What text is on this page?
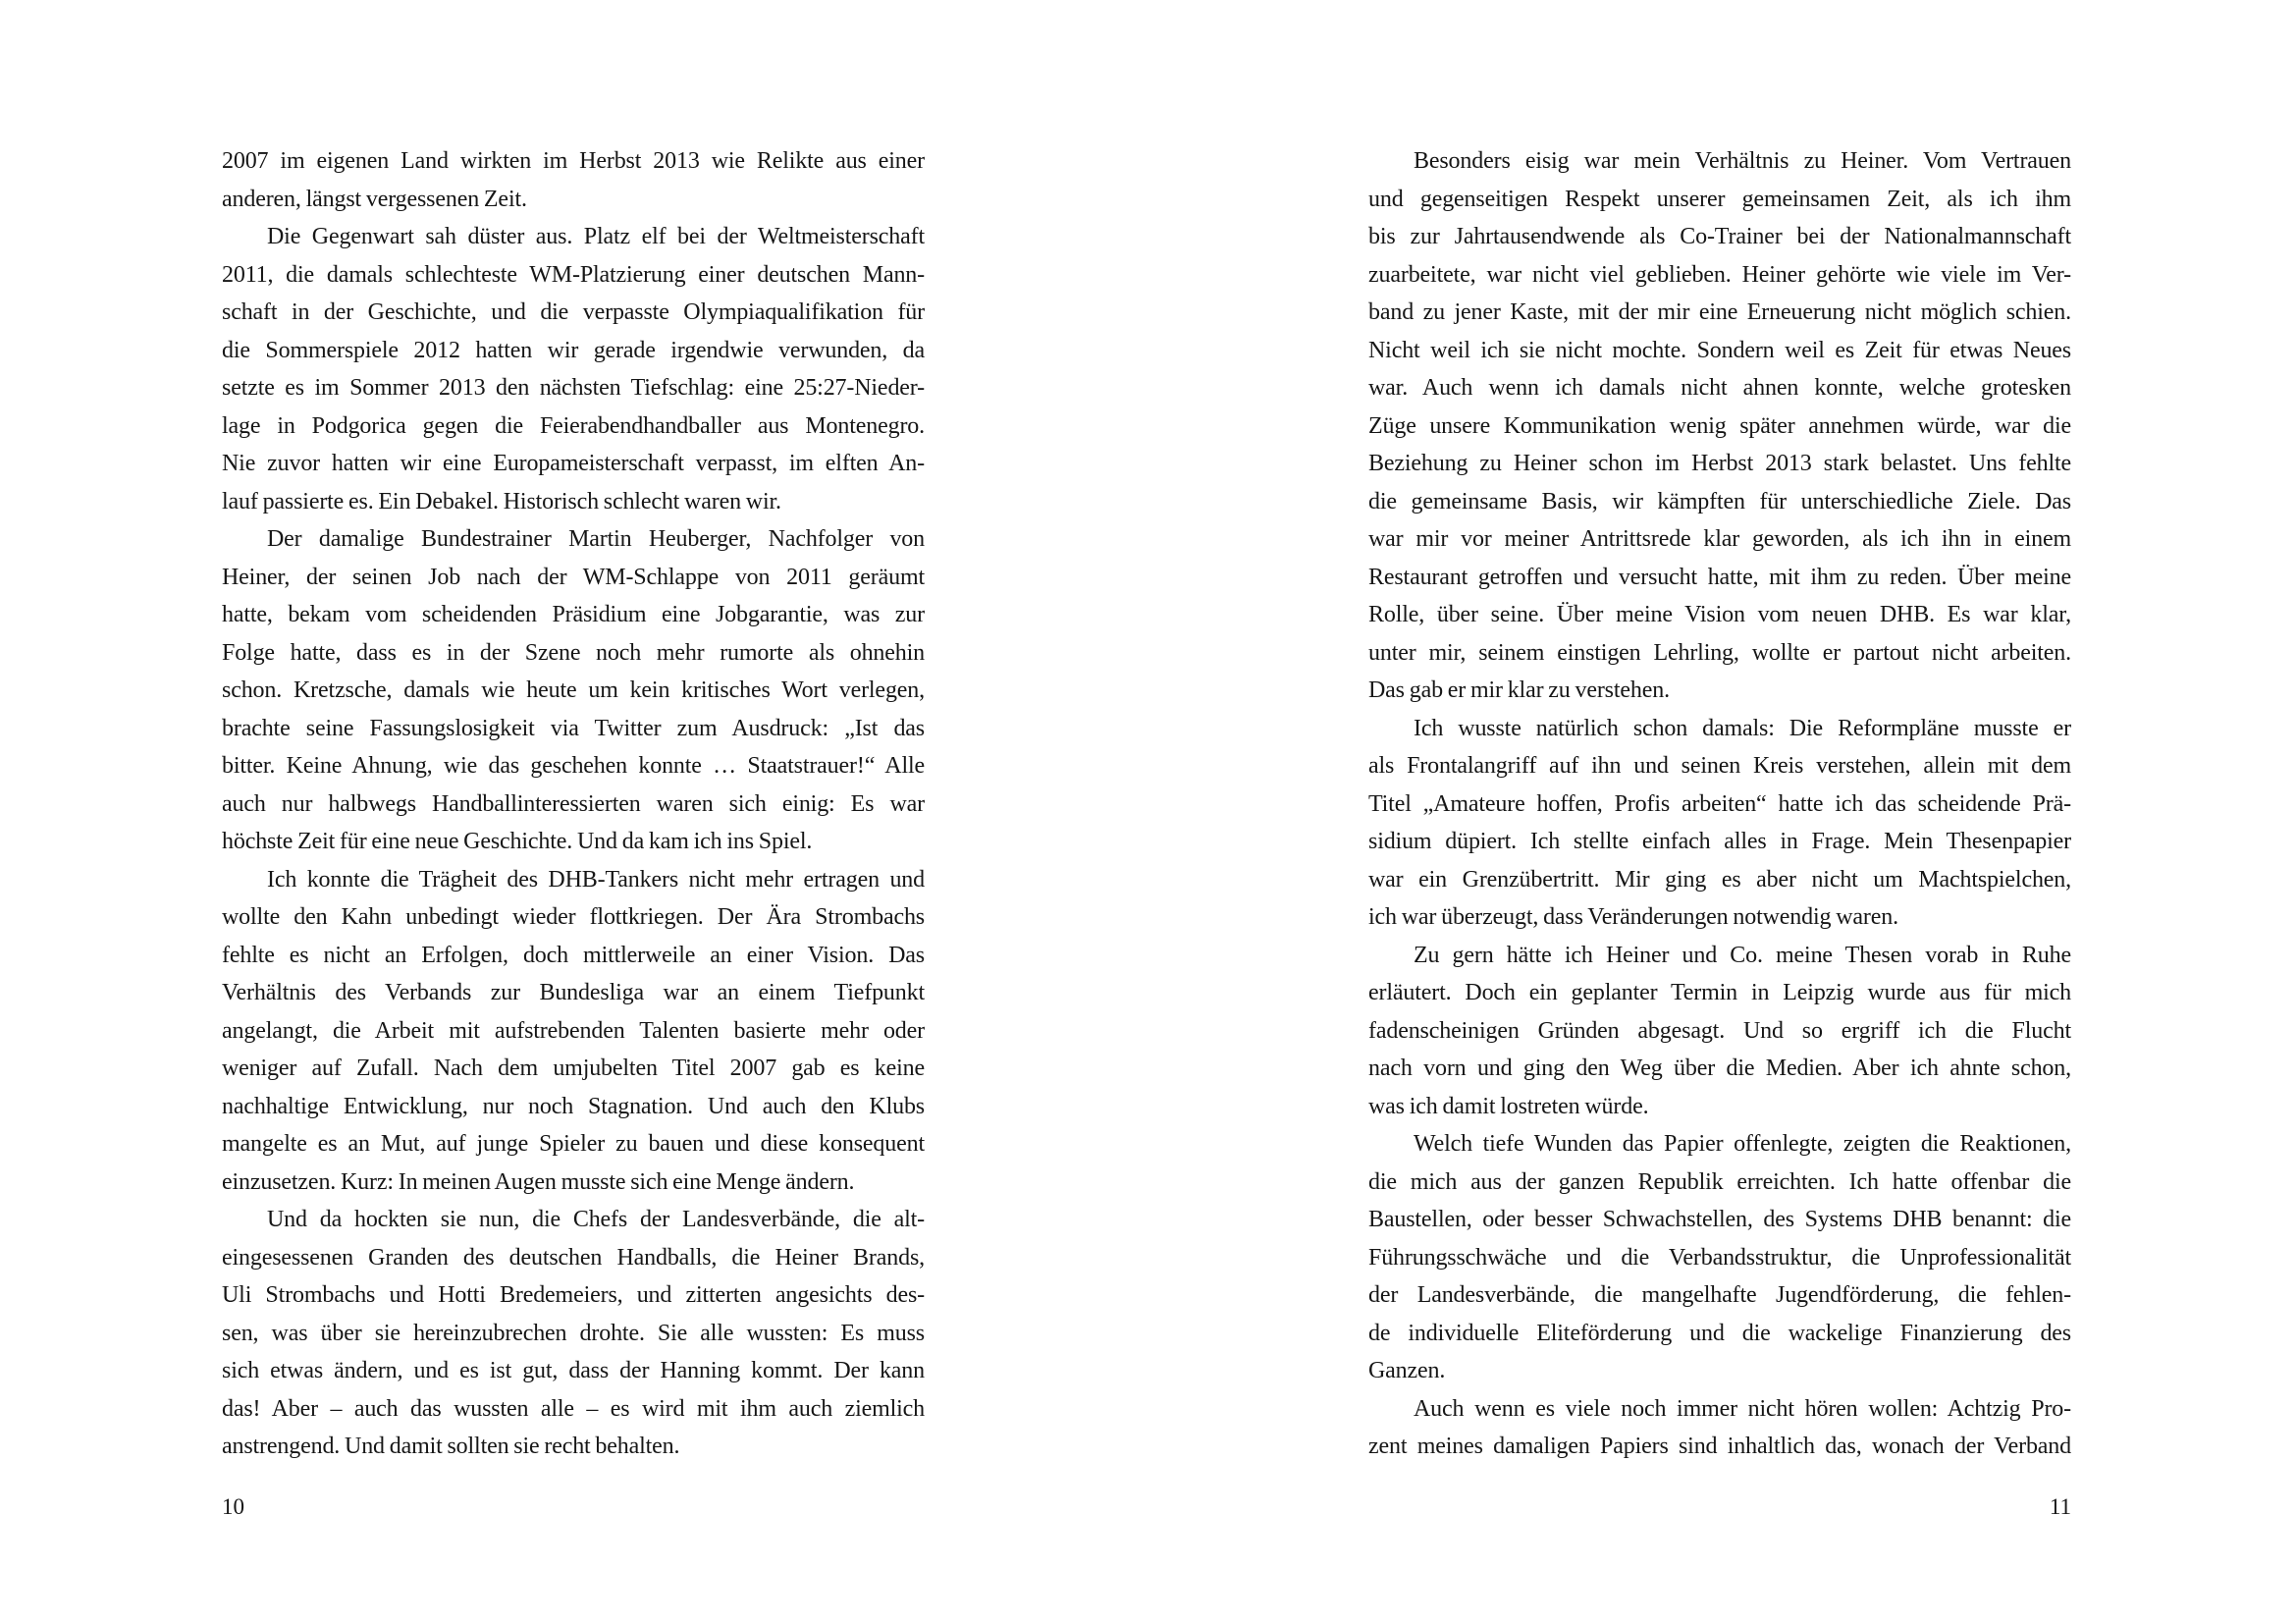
2007 im eigenen Land wirkten im Herbst 2013 wie Relikte aus einer
anderen, längst vergessenen Zeit.
Die Gegenwart sah düster aus. Platz elf bei der Weltmeisterschaft
2011, die damals schlechteste WM-Platzierung einer deutschen Mann-
schaft in der Geschichte, und die verpasste Olympiaqualifikation für
die Sommerspiele 2012 hatten wir gerade irgendwie verwunden, da
setzte es im Sommer 2013 den nächsten Tiefschlag: eine 25:27-Nieder-
lage in Podgorica gegen die Feierabendhandballer aus Montenegro.
Nie zuvor hatten wir eine Europameisterschaft verpasst, im elften An-
lauf passierte es. Ein Debakel. Historisch schlecht waren wir.
Der damalige Bundestrainer Martin Heuberger, Nachfolger von
Heiner, der seinen Job nach der WM-Schlappe von 2011 geräumt
hatte, bekam vom scheidenden Präsidium eine Jobgarantie, was zur
Folge hatte, dass es in der Szene noch mehr rumorte als ohnehin
schon. Kretzsche, damals wie heute um kein kritisches Wort verlegen,
brachte seine Fassungslosigkeit via Twitter zum Ausdruck: „Ist das
bitter. Keine Ahnung, wie das geschehen konnte … Staatstrauer!“ Alle
auch nur halbwegs Handballinteressierten waren sich einig: Es war
höchste Zeit für eine neue Geschichte. Und da kam ich ins Spiel.
Ich konnte die Trägheit des DHB-Tankers nicht mehr ertragen und
wollte den Kahn unbedingt wieder flottkriegen. Der Ära Strombachs
fehlte es nicht an Erfolgen, doch mittlerweile an einer Vision. Das
Verhältnis des Verbands zur Bundesliga war an einem Tiefpunkt
angelangt, die Arbeit mit aufstrebenden Talenten basierte mehr oder
weniger auf Zufall. Nach dem umjubelten Titel 2007 gab es keine
nachhaltige Entwicklung, nur noch Stagnation. Und auch den Klubs
mangelte es an Mut, auf junge Spieler zu bauen und diese konsequent
einzusetzen. Kurz: In meinen Augen musste sich eine Menge ändern.
Und da hockten sie nun, die Chefs der Landesverbände, die alt-
eingesessenen Granden des deutschen Handballs, die Heiner Brands,
Uli Strombachs und Hotti Bredemeiers, und zitterten angesichts des-
sen, was über sie hereinzubrechen drohte. Sie alle wussten: Es muss
sich etwas ändern, und es ist gut, dass der Hanning kommt. Der kann
das! Aber – auch das wussten alle – es wird mit ihm auch ziemlich
anstrengend. Und damit sollten sie recht behalten.
Besonders eisig war mein Verhältnis zu Heiner. Vom Vertrauen
und gegenseitigen Respekt unserer gemeinsamen Zeit, als ich ihm
bis zur Jahrtausendwende als Co-Trainer bei der Nationalmannschaft
zuarbeitete, war nicht viel geblieben. Heiner gehörte wie viele im Ver-
band zu jener Kaste, mit der mir eine Erneuerung nicht möglich schien.
Nicht weil ich sie nicht mochte. Sondern weil es Zeit für etwas Neues
war. Auch wenn ich damals nicht ahnen konnte, welche grotesken
Züge unsere Kommunikation wenig später annehmen würde, war die
Beziehung zu Heiner schon im Herbst 2013 stark belastet. Uns fehlte
die gemeinsame Basis, wir kämpften für unterschiedliche Ziele. Das
war mir vor meiner Antrittsrede klar geworden, als ich ihn in einem
Restaurant getroffen und versucht hatte, mit ihm zu reden. Über meine
Rolle, über seine. Über meine Vision vom neuen DHB. Es war klar,
unter mir, seinem einstigen Lehrling, wollte er partout nicht arbeiten.
Das gab er mir klar zu verstehen.
Ich wusste natürlich schon damals: Die Reformpläne musste er
als Frontalangriff auf ihn und seinen Kreis verstehen, allein mit dem
Titel „Amateure hoffen, Profis arbeiten“ hatte ich das scheidende Prä-
sidium düpiert. Ich stellte einfach alles in Frage. Mein Thesenpapier
war ein Grenzübertritt. Mir ging es aber nicht um Machtspielchen,
ich war überzeugt, dass Veränderungen notwendig waren.
Zu gern hätte ich Heiner und Co. meine Thesen vorab in Ruhe
erläutert. Doch ein geplanter Termin in Leipzig wurde aus für mich
fadenscheinigen Gründen abgesagt. Und so ergriff ich die Flucht
nach vorn und ging den Weg über die Medien. Aber ich ahnte schon,
was ich damit lostreten würde.
Welch tiefe Wunden das Papier offenlegte, zeigten die Reaktionen,
die mich aus der ganzen Republik erreichten. Ich hatte offenbar die
Baustellen, oder besser Schwachstellen, des Systems DHB benannt: die
Führungsschwäche und die Verbandsstruktur, die Unprofessionalität
der Landesverbände, die mangelhafte Jugendförderung, die fehlen-
de individuelle Eliteförderung und die wackelige Finanzierung des
Ganzen.
Auch wenn es viele noch immer nicht hören wollen: Achtzig Pro-
zent meines damaligen Papiers sind inhaltlich das, wonach der Verband
10	11
